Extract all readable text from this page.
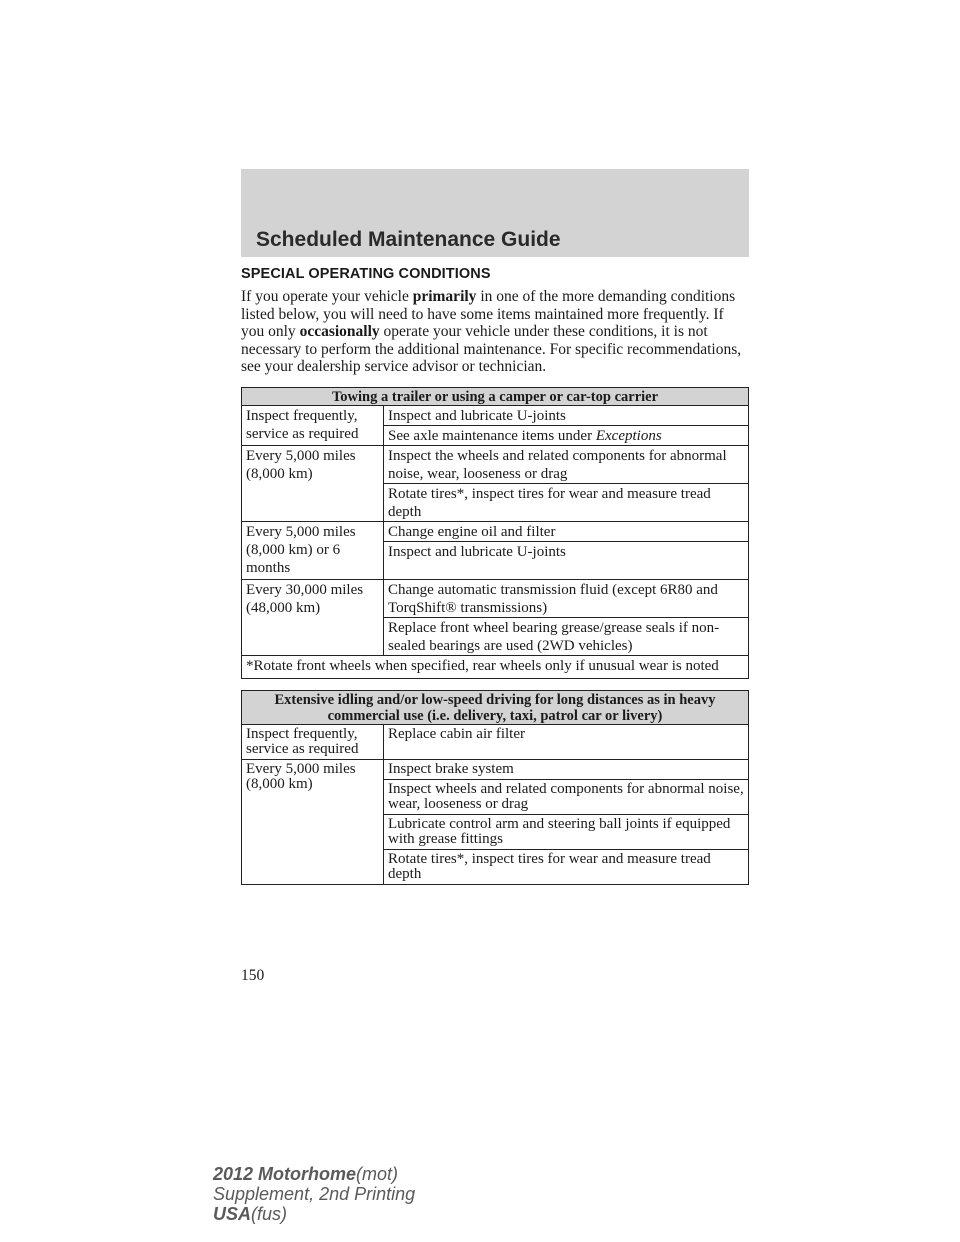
Scheduled Maintenance Guide
SPECIAL OPERATING CONDITIONS

If you operate your vehicle primarily in one of the more demanding conditions listed below, you will need to have some items maintained more frequently. If you only occasionally operate your vehicle under these conditions, it is not necessary to perform the additional maintenance. For specific recommendations, see your dealership service advisor or technician.

Towing a trailer or using a camper or car-top carrier	
Inspect frequently, service as required	Inspect and lubricate U-joints
	See axle maintenance items under Exceptions
Every 5,000 miles (8,000 km)	Inspect the wheels and related components for abnormal noise, wear, looseness or drag
	Rotate tires*, inspect tires for wear and measure tread depth
Every 5,000 miles (8,000 km) or 6 months	Change engine oil and filter
	Inspect and lubricate U-joints
Every 30,000 miles (48,000 km)	Change automatic transmission fluid (except 6R80 and TorqShift® transmissions)
	Replace front wheel bearing grease/grease seals if non-sealed bearings are used (2WD vehicles)
*Rotate front wheels when specified, rear wheels only if unusual wear is noted	
Extensive idling and/or low-speed driving for long distances as in heavy commercial use (i.e. delivery, taxi, patrol car or livery)	
Inspect frequently, service as required	Replace cabin air filter
Every 5,000 miles (8,000 km)	Inspect brake system
	Inspect wheels and related components for abnormal noise, wear, looseness or drag
	Lubricate control arm and steering ball joints if equipped with grease fittings
	Rotate tires*, inspect tires for wear and measure tread depth
150
2012 Motorhome(mot)
Supplement, 2nd Printing
USA(fus)
